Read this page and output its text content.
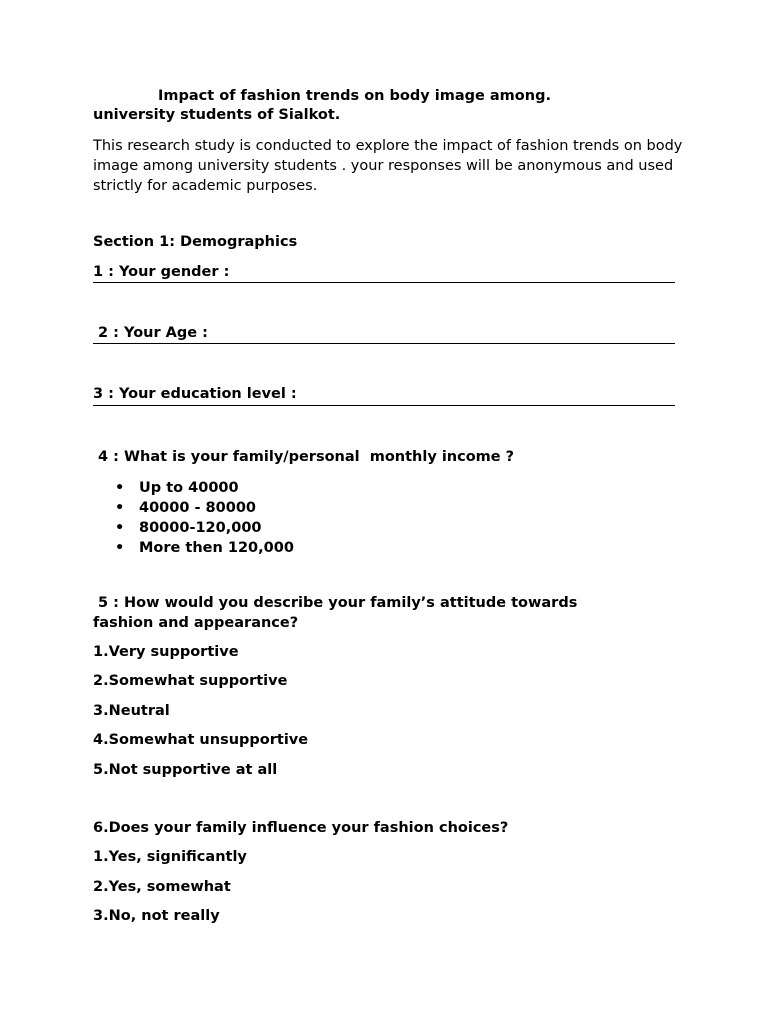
Impact of fashion trends on body image among.
university students of Sialkot.
This research study is conducted to explore the impact of fashion trends on body image among university students . your responses will be anonymous and used strictly for academic purposes.
Section 1: Demographics
1 : Your gender :
2 : Your Age :
3 : Your education level :
4 : What is your family/personal  monthly income ?
• Up to 40000
• 40000 - 80000
• 80000-120,000
• More then 120,000
5 : How would you describe your family’s attitude towards
fashion and appearance?
1.Very supportive
2.Somewhat supportive
3.Neutral
4.Somewhat unsupportive
5.Not supportive at all
6.Does your family influence your fashion choices?
1.Yes, significantly
2.Yes, somewhat
3.No, not really
